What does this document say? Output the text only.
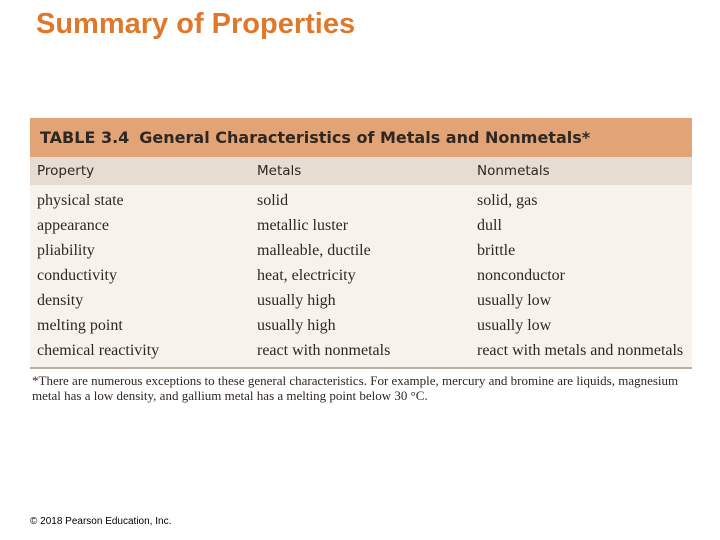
Summary of Properties
TABLE 3.4 General Characteristics of Metals and Nonmetals*
Property	Metals	Nonmetals
physical state	solid	solid, gas
appearance	metallic luster	dull
pliability	malleable, ductile	brittle
conductivity	heat, electricity	nonconductor
density	usually high	usually low
melting point	usually high	usually low
chemical reactivity	react with nonmetals	react with metals and nonmetals
*There are numerous exceptions to these general characteristics. For example, mercury and bromine are liquids, magnesium metal has a low density, and gallium metal has a melting point below 30 °C.
© 2018 Pearson Education, Inc.
